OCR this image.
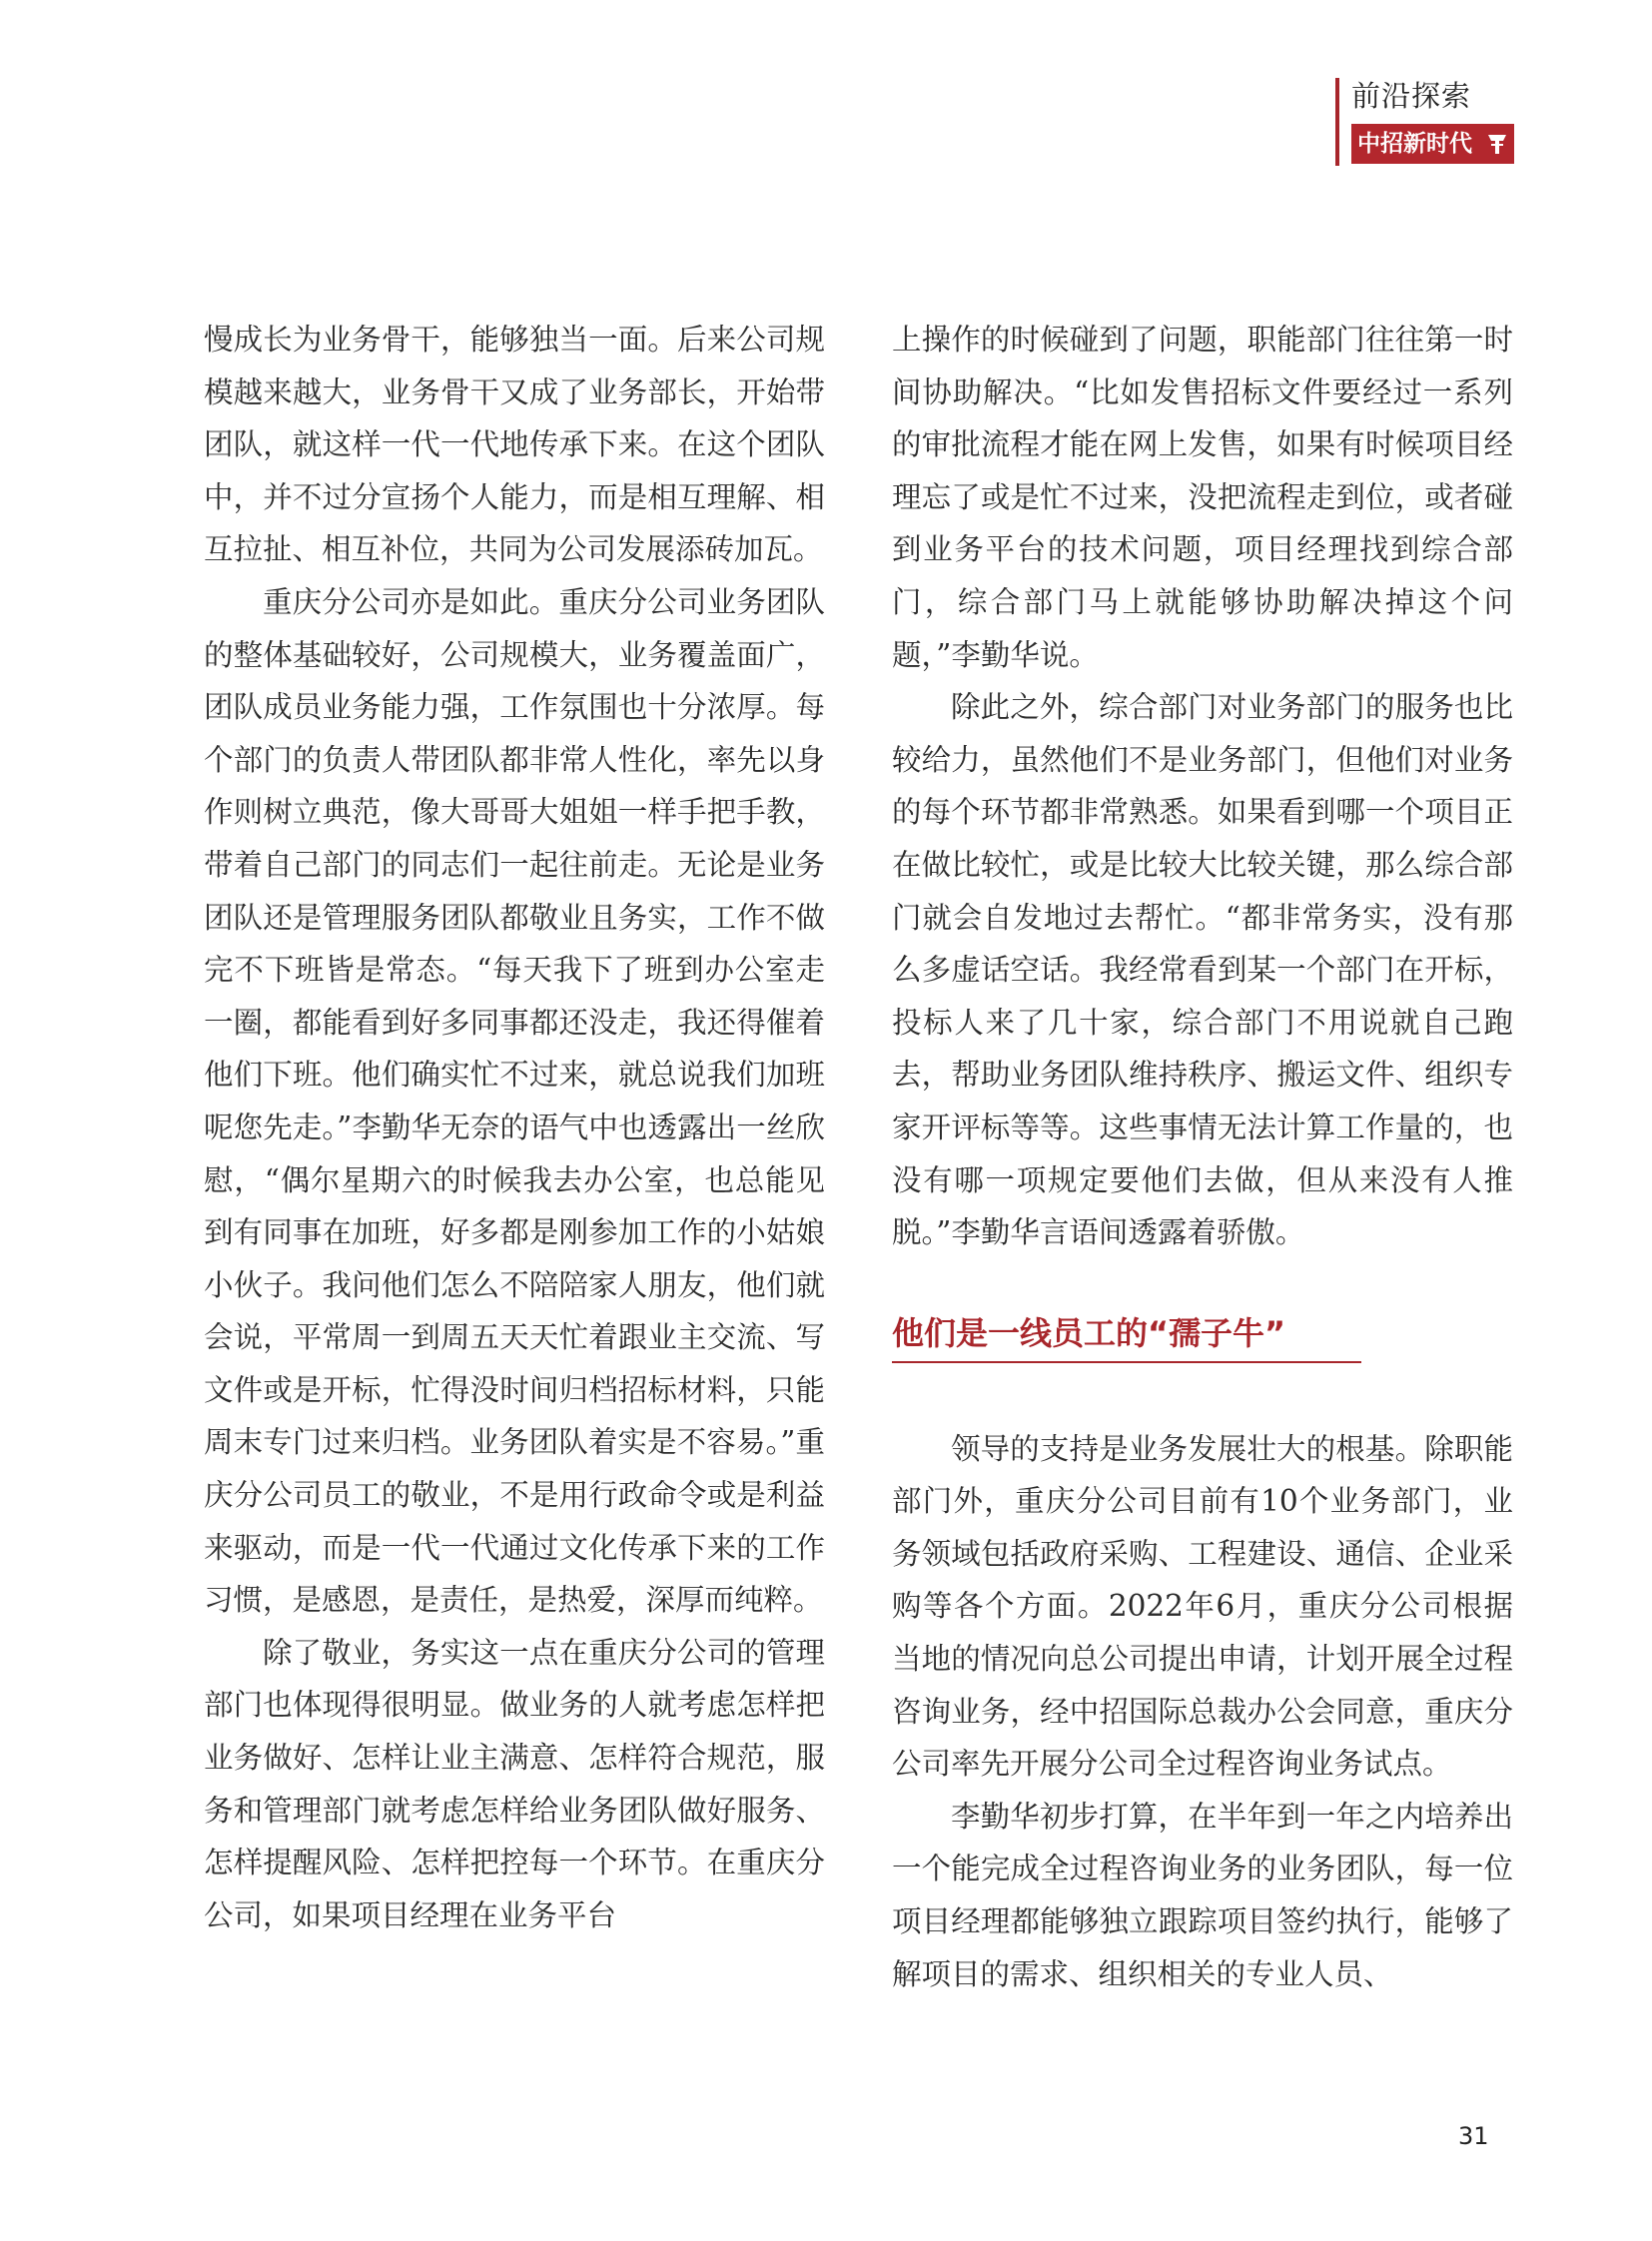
前沿探索
中招新时代

慢成长为业务骨干，能够独当一面。后来公司规模越来越大，业务骨干又成了业务部长，开始带团队，就这样一代一代地传承下来。在这个团队中，并不过分宣扬个人能力，而是相互理解、相互拉扯、相互补位，共同为公司发展添砖加瓦。

重庆分公司亦是如此。重庆分公司业务团队的整体基础较好，公司规模大，业务覆盖面广，团队成员业务能力强，工作氛围也十分浓厚。每个部门的负责人带团队都非常人性化，率先以身作则树立典范，像大哥哥大姐姐一样手把手教，带着自己部门的同志们一起往前走。无论是业务团队还是管理服务团队都敬业且务实，工作不做完不下班皆是常态。“每天我下了班到办公室走一圈，都能看到好多同事都还没走，我还得催着他们下班。他们确实忙不过来，就总说我们加班呢您先走。”李勤华无奈的语气中也透露出一丝欣慰，“偶尔星期六的时候我去办公室，也总能见到有同事在加班，好多都是刚参加工作的小姑娘小伙子。我问他们怎么不陪陪家人朋友，他们就会说，平常周一到周五天天忙着跟业主交流、写文件或是开标，忙得没时间归档招标材料，只能周末专门过来归档。业务团队着实是不容易。”重庆分公司员工的敬业，不是用行政命令或是利益来驱动，而是一代一代通过文化传承下来的工作习惯，是感恩，是责任，是热爱，深厚而纯粹。

除了敬业，务实这一点在重庆分公司的管理部门也体现得很明显。做业务的人就考虑怎样把业务做好、怎样让业主满意、怎样符合规范，服务和管理部门就考虑怎样给业务团队做好服务、怎样提醒风险、怎样把控每一个环节。在重庆分公司，如果项目经理在业务平台

上操作的时候碰到了问题，职能部门往往第一时间协助解决。“比如发售招标文件要经过一系列的审批流程才能在网上发售，如果有时候项目经理忘了或是忙不过来，没把流程走到位，或者碰到业务平台的技术问题，项目经理找到综合部门，综合部门马上就能够协助解决掉这个问题，”李勤华说。

除此之外，综合部门对业务部门的服务也比较给力，虽然他们不是业务部门，但他们对业务的每个环节都非常熟悉。如果看到哪一个项目正在做比较忙，或是比较大比较关键，那么综合部门就会自发地过去帮忙。“都非常务实，没有那么多虚话空话。我经常看到某一个部门在开标，投标人来了几十家，综合部门不用说就自己跑去，帮助业务团队维持秩序、搬运文件、组织专家开评标等等。这些事情无法计算工作量的，也没有哪一项规定要他们去做，但从来没有人推脱。”李勤华言语间透露着骄傲。

他们是一线员工的“孺子牛”

领导的支持是业务发展壮大的根基。除职能部门外，重庆分公司目前有10个业务部门，业务领域包括政府采购、工程建设、通信、企业采购等各个方面。2022年6月，重庆分公司根据当地的情况向总公司提出申请，计划开展全过程咨询业务，经中招国际总裁办公会同意，重庆分公司率先开展分公司全过程咨询业务试点。

李勤华初步打算，在半年到一年之内培养出一个能完成全过程咨询业务的业务团队，每一位项目经理都能够独立跟踪项目签约执行，能够了解项目的需求、组织相关的专业人员、

31
